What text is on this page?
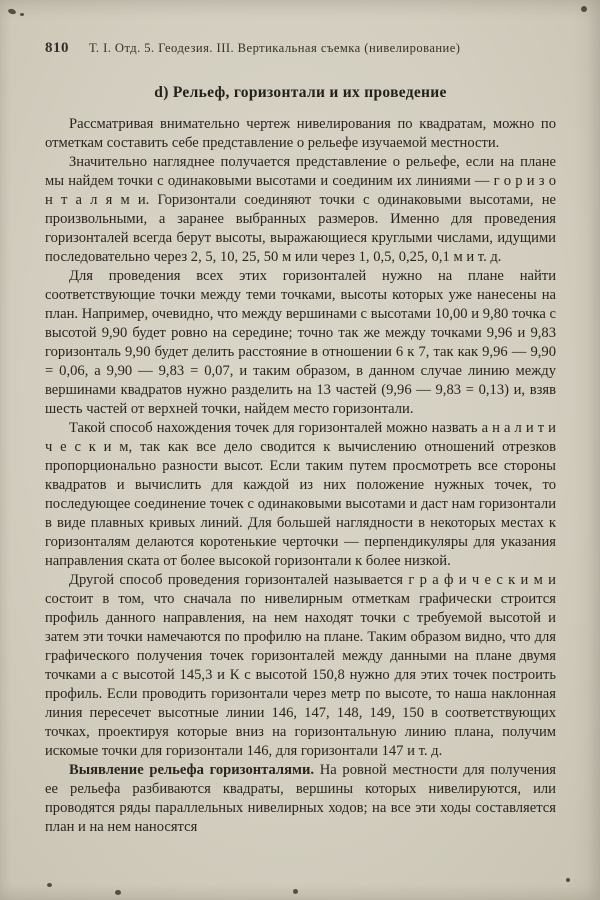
810 Т. I. Отд. 5. Геодезия. III. Вертикальная съемка (нивелирование)
d) Рельеф, горизонтали и их проведение

Рассматривая внимательно чертеж нивелирования по квадратам, можно по отметкам составить себе представление о рельефе изучаемой местности.

Значительно нагляднее получается представление о рельефе, если на плане мы найдем точки с одинаковыми высотами и соединим их линиями — г о р и з о н т а л я м и. Горизонтали соединяют точки с одинаковыми высотами, не произвольными, а заранее выбранных размеров. Именно для проведения горизонталей всегда берут высоты, выражающиеся круглыми числами, идущими последовательно через 2, 5, 10, 25, 50 м или через 1, 0,5, 0,25, 0,1 м и т. д.

Для проведения всех этих горизонталей нужно на плане найти соответствующие точки между теми точками, высоты которых уже нанесены на план. Например, очевидно, что между вершинами с высотами 10,00 и 9,80 точка с высотой 9,90 будет ровно на середине; точно так же между точками 9,96 и 9,83 горизонталь 9,90 будет делить расстояние в отношении 6 к 7, так как 9,96 — 9,90 = 0,06, а 9,90 — 9,83 = 0,07, и таким образом, в данном случае линию между вершинами квадратов нужно разделить на 13 частей (9,96 — 9,83 = 0,13) и, взяв шесть частей от верхней точки, найдем место горизонтали.

Такой способ нахождения точек для горизонталей можно назвать а н а л и т и ч е с к и м, так как все дело сводится к вычислению отношений отрезков пропорционально разности высот. Если таким путем просмотреть все стороны квадратов и вычислить для каждой из них положение нужных точек, то последующее соединение точек с одинаковыми высотами и даст нам горизонтали в виде плавных кривых линий. Для большей наглядности в некоторых местах к горизонталям делаются коротенькие черточки — перпендикуляры для указания направления ската от более высокой горизонтали к более низкой.

Другой способ проведения горизонталей называется г р а ф и ч е с к и м и состоит в том, что сначала по нивелирным отметкам графически строится профиль данного направления, на нем находят точки с требуемой высотой и затем эти точки намечаются по профилю на плане. Таким образом видно, что для графического получения точек горизонталей между данными на плане двумя точками а с высотой 145,3 и К с высотой 150,8 нужно для этих точек построить профиль. Если проводить горизонтали через метр по высоте, то наша наклонная линия пересечет высотные линии 146, 147, 148, 149, 150 в соответствующих точках, проектируя которые вниз на горизонтальную линию плана, получим искомые точки для горизонтали 146, для горизонтали 147 и т. д.

Выявление рельефа горизонталями. На ровной местности для получения ее рельефа разбиваются квадраты, вершины которых нивелируются, или проводятся ряды параллельных нивелирных ходов; на все эти ходы составляется план и на нем наносятся
